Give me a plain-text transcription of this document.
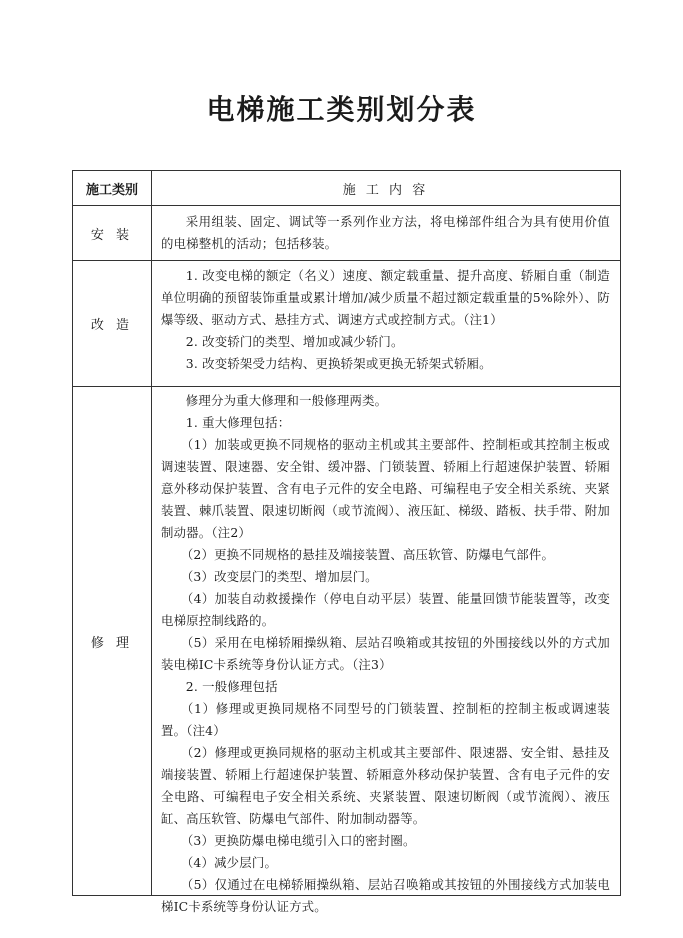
电梯施工类别划分表
施工类别	施 工 内 容
安 装

采用组装、固定、调试等一系列作业方法，将电梯部件组合为具有使用价值的电梯整机的活动；包括移装。

改 造

1. 改变电梯的额定（名义）速度、额定载重量、提升高度、轿厢自重（制造单位明确的预留装饰重量或累计增加/减少质量不超过额定载重量的5%除外）、防爆等级、驱动方式、悬挂方式、调速方式或控制方式。（注1）

2. 改变轿门的类型、增加或减少轿门。

3. 改变轿架受力结构、更换轿架或更换无轿架式轿厢。

修 理

修理分为重大修理和一般修理两类。

1. 重大修理包括：

（1）加装或更换不同规格的驱动主机或其主要部件、控制柜或其控制主板或调速装置、限速器、安全钳、缓冲器、门锁装置、轿厢上行超速保护装置、轿厢意外移动保护装置、含有电子元件的安全电路、可编程电子安全相关系统、夹紧装置、棘爪装置、限速切断阀（或节流阀）、液压缸、梯级、踏板、扶手带、附加制动器。（注2）

（2）更换不同规格的悬挂及端接装置、高压软管、防爆电气部件。

（3）改变层门的类型、增加层门。

（4）加装自动救援操作（停电自动平层）装置、能量回馈节能装置等，改变电梯原控制线路的。

（5）采用在电梯轿厢操纵箱、层站召唤箱或其按钮的外围接线以外的方式加装电梯IC卡系统等身份认证方式。（注3）

2. 一般修理包括

（1）修理或更换同规格不同型号的门锁装置、控制柜的控制主板或调速装置。（注4）

（2）修理或更换同规格的驱动主机或其主要部件、限速器、安全钳、悬挂及端接装置、轿厢上行超速保护装置、轿厢意外移动保护装置、含有电子元件的安全电路、可编程电子安全相关系统、夹紧装置、限速切断阀（或节流阀）、液压缸、高压软管、防爆电气部件、附加制动器等。

（3）更换防爆电梯电缆引入口的密封圈。

（4）减少层门。

（5）仅通过在电梯轿厢操纵箱、层站召唤箱或其按钮的外围接线方式加装电梯IC卡系统等身份认证方式。
